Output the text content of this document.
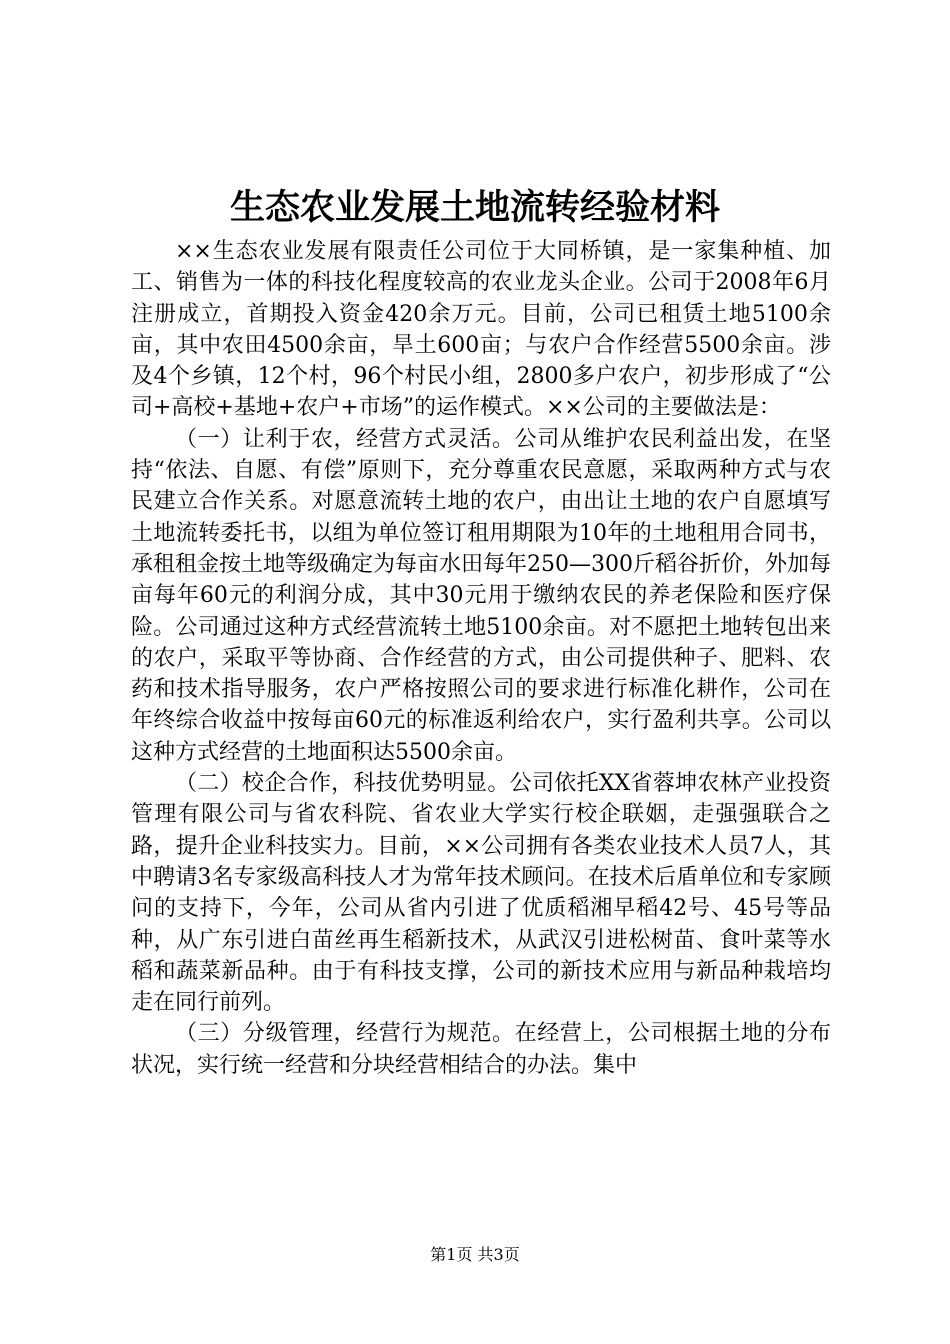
生态农业发展土地流转经验材料

××生态农业发展有限责任公司位于大同桥镇，是一家集种植、加工、销售为一体的科技化程度较高的农业龙头企业。公司于2008年6月注册成立，首期投入资金420余万元。目前，公司已租赁土地5100余亩，其中农田4500余亩，旱土600亩；与农户合作经营5500余亩。涉及4个乡镇，12个村，96个村民小组，2800多户农户，初步形成了“公司+高校+基地+农户+市场”的运作模式。××公司的主要做法是：

（一）让利于农，经营方式灵活。公司从维护农民利益出发，在坚持“依法、自愿、有偿”原则下，充分尊重农民意愿，采取两种方式与农民建立合作关系。对愿意流转土地的农户，由出让土地的农户自愿填写土地流转委托书，以组为单位签订租用期限为10年的土地租用合同书，承租租金按土地等级确定为每亩水田每年250—300斤稻谷折价，外加每亩每年60元的利润分成，其中30元用于缴纳农民的养老保险和医疗保险。公司通过这种方式经营流转土地5100余亩。对不愿把土地转包出来的农户，采取平等协商、合作经营的方式，由公司提供种子、肥料、农药和技术指导服务，农户严格按照公司的要求进行标准化耕作，公司在年终综合收益中按每亩60元的标准返利给农户，实行盈利共享。公司以这种方式经营的土地面积达5500余亩。

（二）校企合作，科技优势明显。公司依托XX省蓉坤农林产业投资管理有限公司与省农科院、省农业大学实行校企联姻，走强强联合之路，提升企业科技实力。目前，××公司拥有各类农业技术人员7人，其中聘请3名专家级高科技人才为常年技术顾问。在技术后盾单位和专家顾问的支持下，今年，公司从省内引进了优质稻湘早稻42号、45号等品种，从广东引进白苗丝再生稻新技术，从武汉引进松树苗、食叶菜等水稻和蔬菜新品种。由于有科技支撑，公司的新技术应用与新品种栽培均走在同行前列。

（三）分级管理，经营行为规范。在经营上，公司根据土地的分布状况，实行统一经营和分块经营相结合的办法。集中

第1页 共3页
